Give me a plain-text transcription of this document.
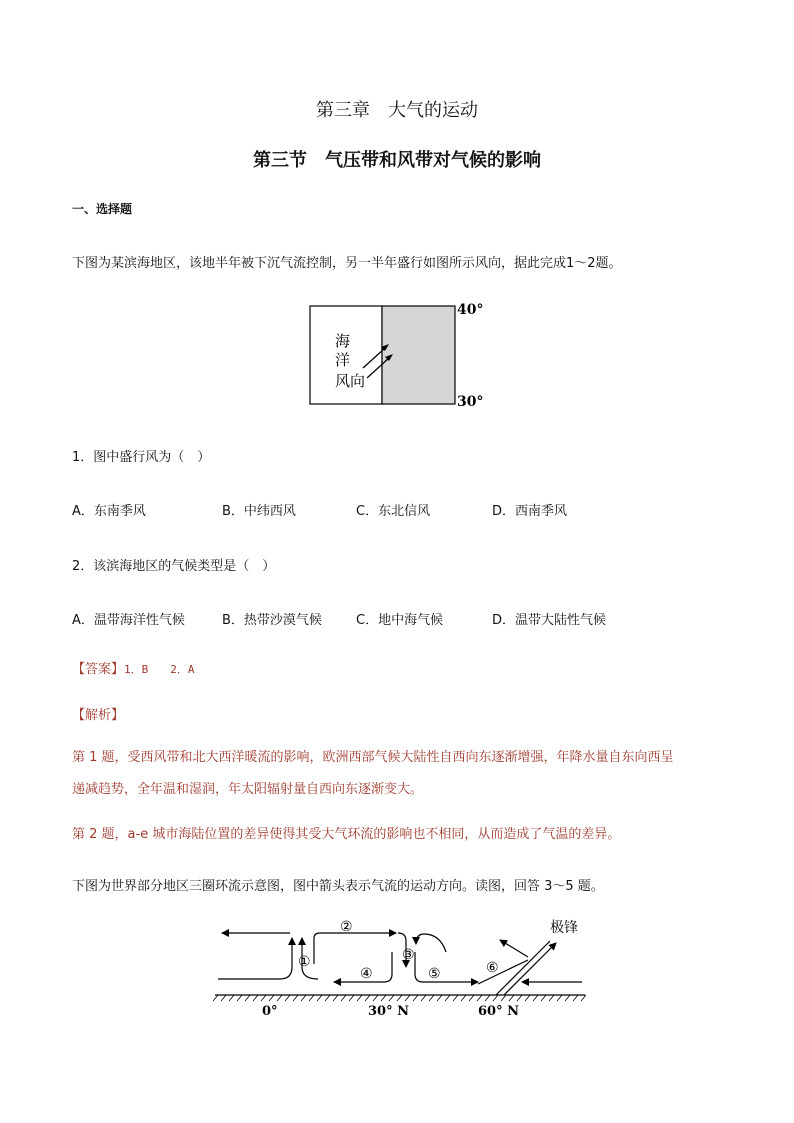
第三章　大气的运动
第三节　气压带和风带对气候的影响
一、选择题
下图为某滨海地区，该地半年被下沉气流控制，另一半年盛行如图所示风向，据此完成1～2题。
40°
30°
海
洋
风向
1．图中盛行风为（　）
A．东南季风	B．中纬西风	C．东北信风	D．西南季风
2．该滨海地区的气候类型是（　）
A．温带海洋性气候	B．热带沙漠气候	C．地中海气候	D．温带大陆性气候
【答案】1．B　　2．A
【解析】
第 1 题，受西风带和北大西洋暖流的影响，欧洲西部气候大陆性自西向东逐渐增强，年降水量自东向西呈
递减趋势，全年温和湿润，年太阳辐射量自西向东逐渐变大。
第 2 题，a-e 城市海陆位置的差异使得其受大气环流的影响也不相同，从而造成了气温的差异。
下图为世界部分地区三圈环流示意图，图中箭头表示气流的运动方向。读图，回答 3～5 题。
①
②
③
④	⑤	⑥
极锋
0°	30° N	60° N
